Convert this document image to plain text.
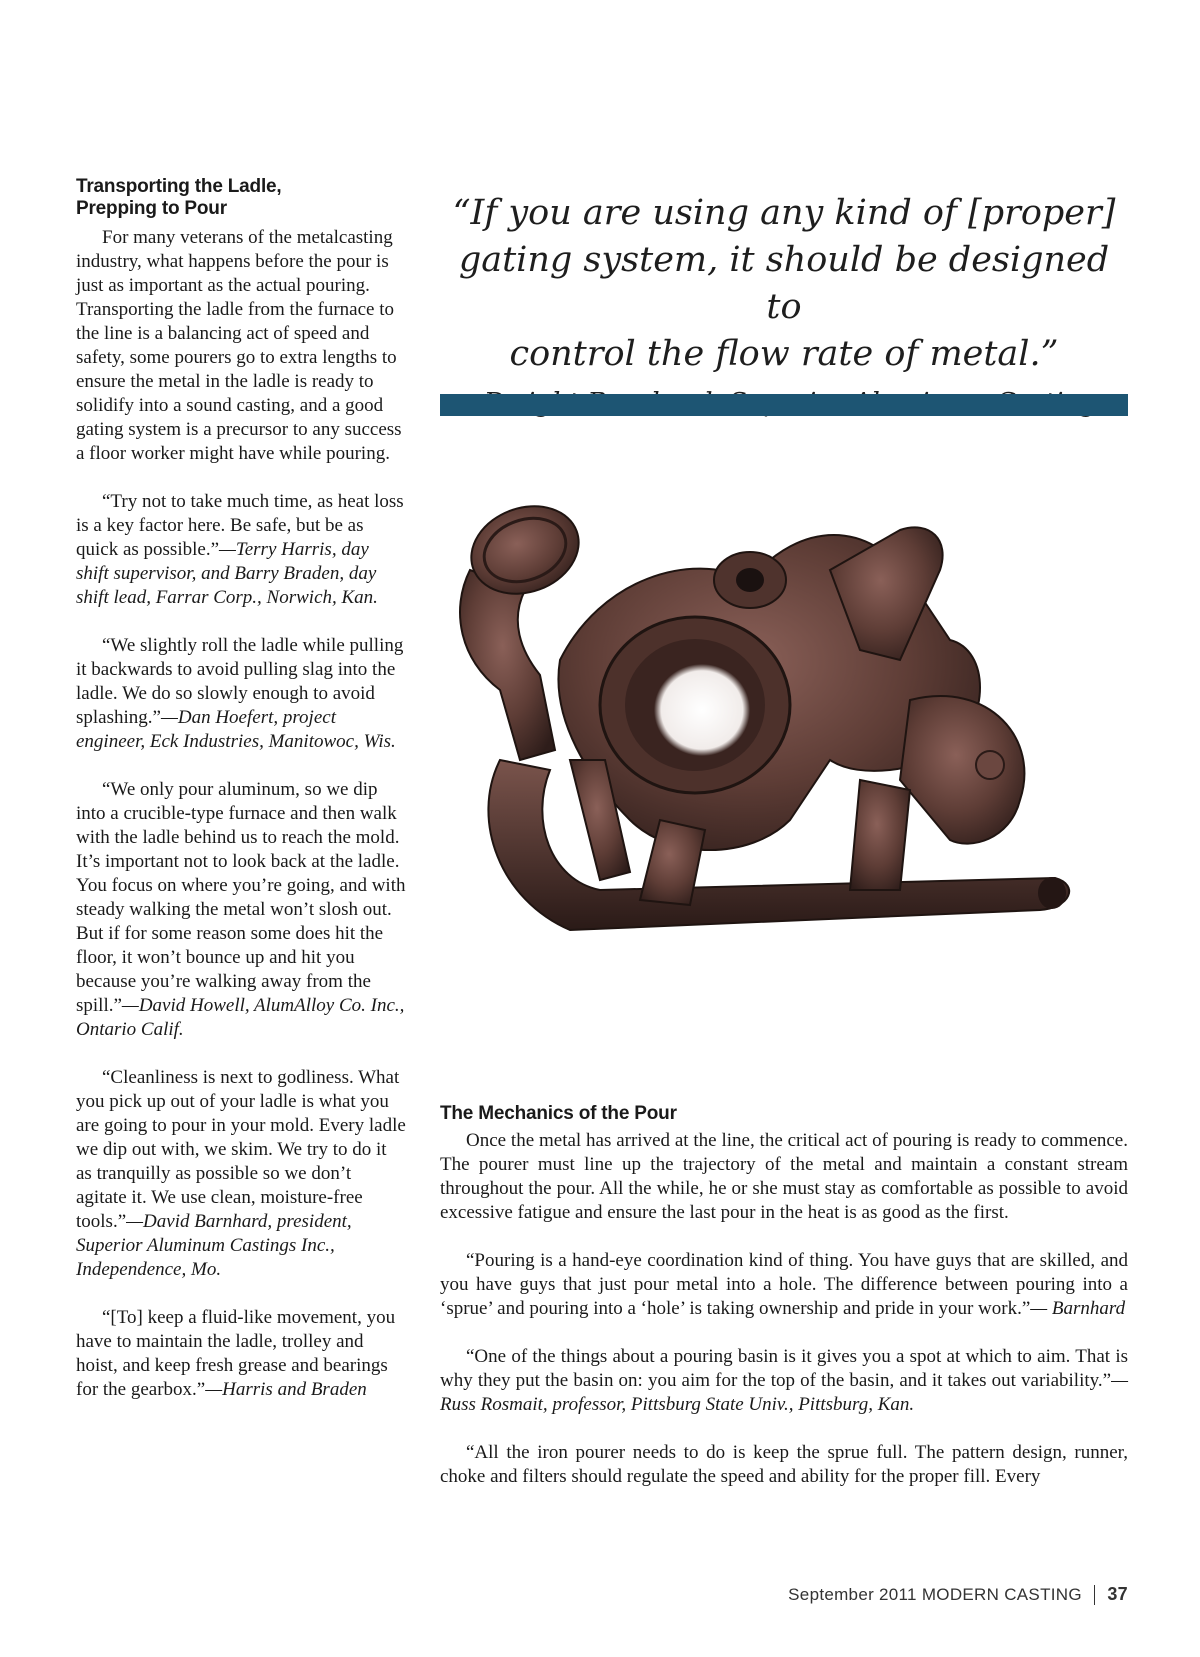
Transporting the Ladle,
Prepping to Pour

For many veterans of the metalcasting industry, what happens before the pour is just as important as the actual pouring. Transporting the ladle from the furnace to the line is a balancing act of speed and safety, some pourers go to extra lengths to ensure the metal in the ladle is ready to solidify into a sound casting, and a good gating system is a precursor to any success a floor worker might have while pouring.

“Try not to take much time, as heat loss is a key factor here. Be safe, but be as quick as possible.”—Terry Harris, day shift supervisor, and Barry Braden, day shift lead, Farrar Corp., Norwich, Kan.

“We slightly roll the ladle while pulling it backwards to avoid pulling slag into the ladle. We do so slowly enough to avoid splashing.”—Dan Hoefert, project engineer, Eck Industries, Manitowoc, Wis.

“We only pour aluminum, so we dip into a crucible-type furnace and then walk with the ladle behind us to reach the mold. It’s important not to look back at the ladle. You focus on where you’re going, and with steady walking the metal won’t slosh out. But if for some reason some does hit the floor, it won’t bounce up and hit you because you’re walking away from the spill.”—David Howell, AlumAlloy Co. Inc., Ontario Calif.

“Cleanliness is next to godliness. What you pick up out of your ladle is what you are going to pour in your mold. Every ladle we dip out with, we skim. We try to do it as tranquilly as possible so we don’t agitate it. We use clean, moisture-free tools.”—David Barnhard, president, Superior Aluminum Castings Inc., Independence, Mo.

“[To] keep a fluid-like movement, you have to maintain the ladle, trolley and hoist, and keep fresh grease and bearings for the gearbox.”—Harris and Braden

“If you are using any kind of [proper]
gating system, it should be designed to
control the flow rate of metal.”

The Mechanics of the Pour

Once the metal has arrived at the line, the critical act of pouring is ready to commence. The pourer must line up the trajectory of the metal and maintain a constant stream throughout the pour. All the while, he or she must stay as comfortable as possible to avoid excessive fatigue and ensure the last pour in the heat is as good as the first.

“Pouring is a hand-eye coordination kind of thing. You have guys that are skilled, and you have guys that just pour metal into a hole. The difference between pouring into a ‘sprue’ and pouring into a ‘hole’ is taking ownership and pride in your work.”— Barnhard

“One of the things about a pouring basin is it gives you a spot at which to aim. That is why they put the basin on: you aim for the top of the basin, and it takes out variability.”—Russ Rosmait, professor, Pittsburg State Univ., Pittsburg, Kan.

“All the iron pourer needs to do is keep the sprue full. The pattern design, runner, choke and filters should regulate the speed and ability for the proper fill. Every

September 2011 MODERN CASTING 37
